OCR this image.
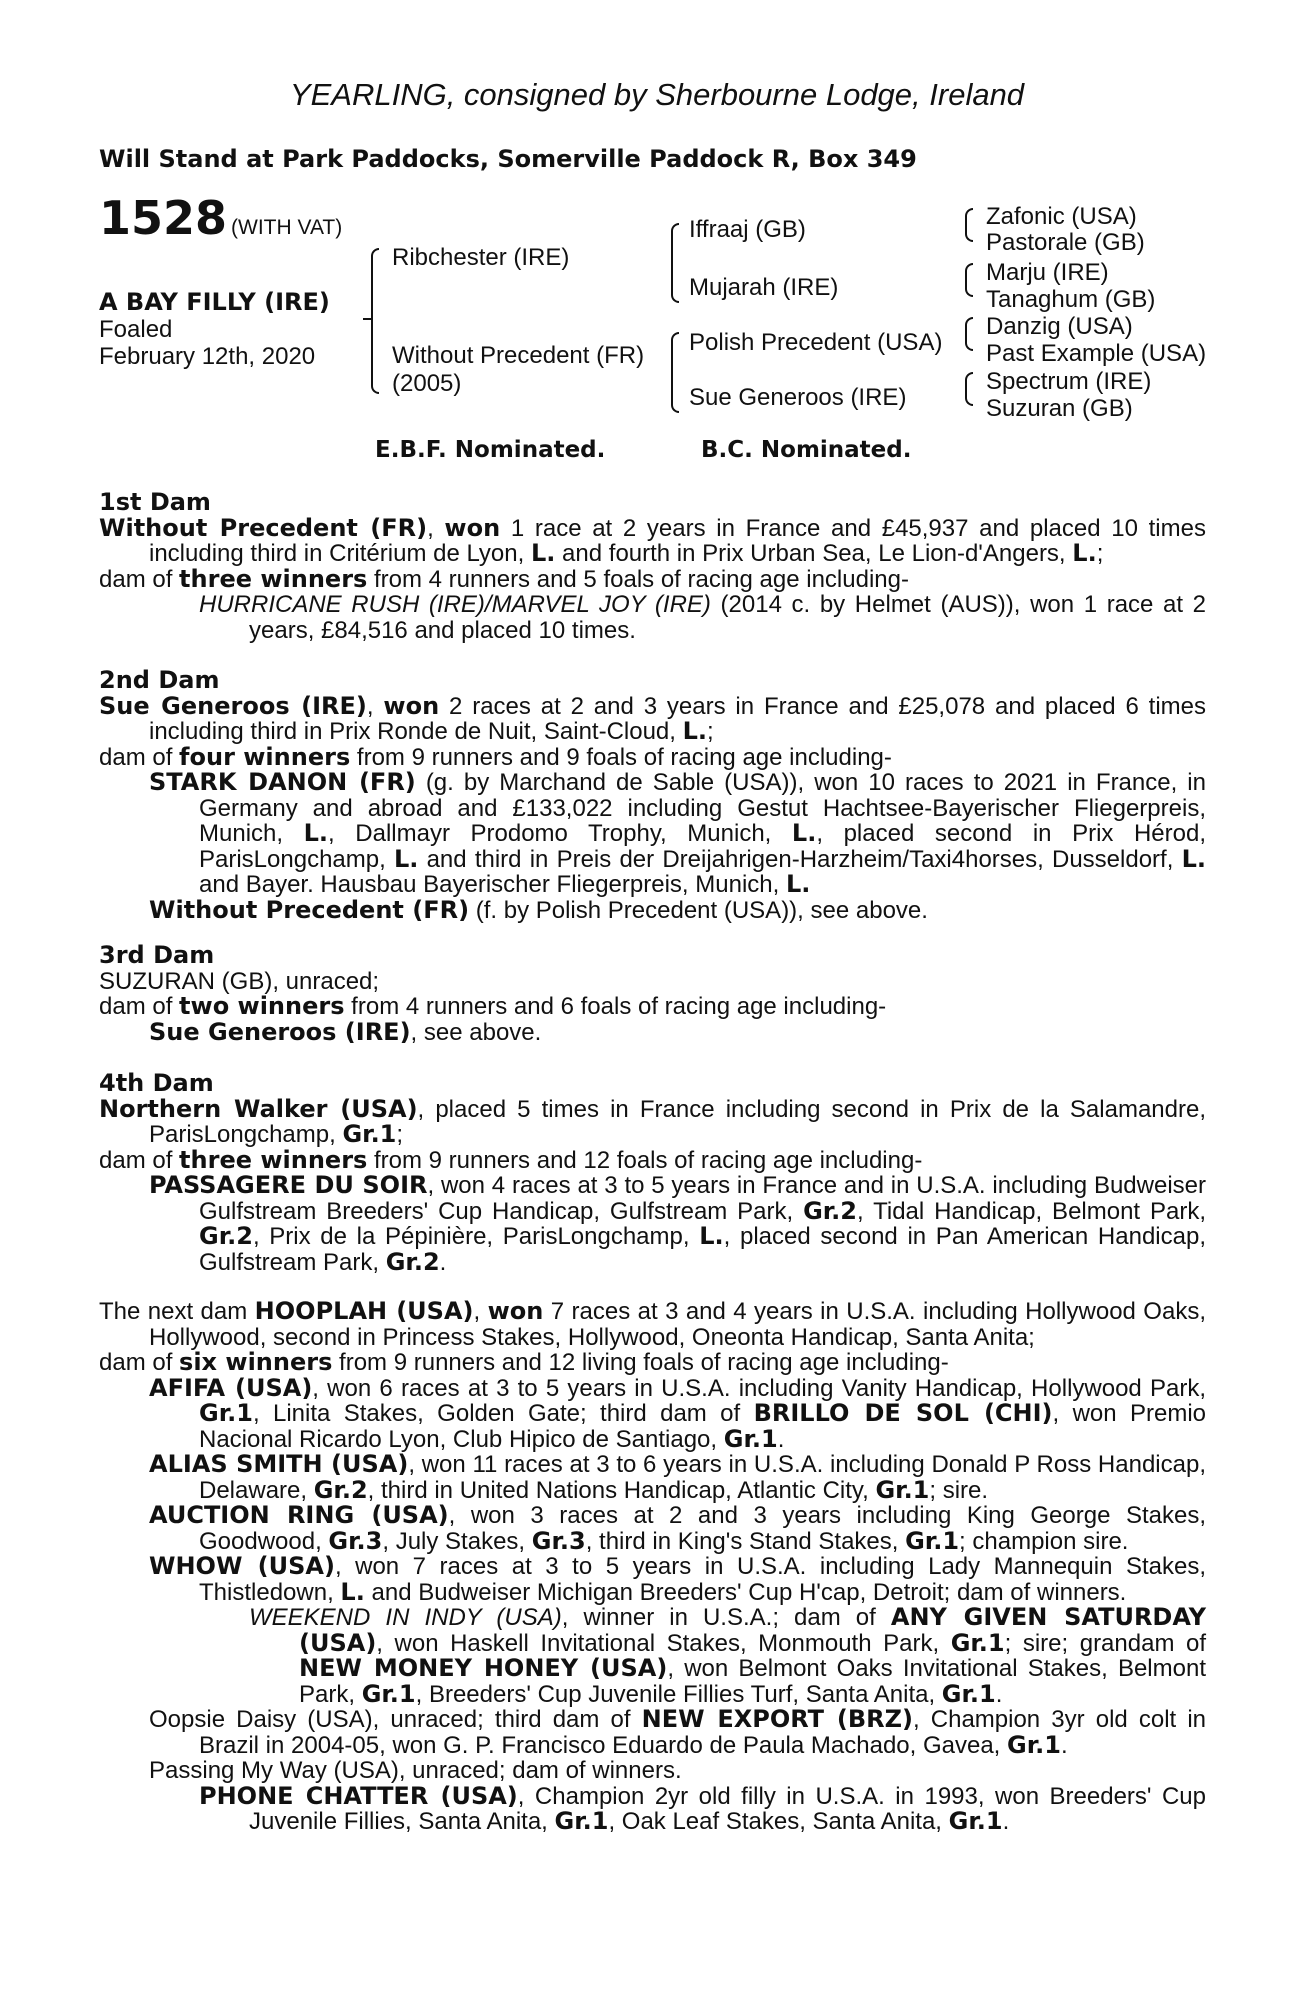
YEARLING, consigned by Sherbourne Lodge, Ireland
Will Stand at Park Paddocks, Somerville Paddock R, Box 349
1528 (WITH VAT)
A BAY FILLY (IRE)
Foaled
February 12th, 2020
Ribchester (IRE)
Without Precedent (FR)
(2005)
Iffraaj (GB)
Mujarah (IRE)
Polish Precedent (USA)
Sue Generoos (IRE)
Zafonic (USA)
Pastorale (GB)
Marju (IRE)
Tanaghum (GB)
Danzig (USA)
Past Example (USA)
Spectrum (IRE)
Suzuran (GB)
E.B.F. Nominated.	B.C. Nominated.
1st Dam
Without Precedent (FR), won 1 race at 2 years in France and £45,937 and placed 10 times including third in Critérium de Lyon, L. and fourth in Prix Urban Sea, Le Lion-d'Angers, L.;
dam of three winners from 4 runners and 5 foals of racing age including-
HURRICANE RUSH (IRE)/MARVEL JOY (IRE) (2014 c. by Helmet (AUS)), won 1 race at 2 years, £84,516 and placed 10 times.
2nd Dam
Sue Generoos (IRE), won 2 races at 2 and 3 years in France and £25,078 and placed 6 times including third in Prix Ronde de Nuit, Saint-Cloud, L.;
dam of four winners from 9 runners and 9 foals of racing age including-
STARK DANON (FR) (g. by Marchand de Sable (USA)), won 10 races to 2021 in France, in Germany and abroad and £133,022 including Gestut Hachtsee-Bayerischer Fliegerpreis, Munich, L., Dallmayr Prodomo Trophy, Munich, L., placed second in Prix Hérod, ParisLongchamp, L. and third in Preis der Dreijahrigen-Harzheim/Taxi4horses, Dusseldorf, L. and Bayer. Hausbau Bayerischer Fliegerpreis, Munich, L.
Without Precedent (FR) (f. by Polish Precedent (USA)), see above.
3rd Dam
SUZURAN (GB), unraced;
dam of two winners from 4 runners and 6 foals of racing age including-
Sue Generoos (IRE), see above.
4th Dam
Northern Walker (USA), placed 5 times in France including second in Prix de la Salamandre, ParisLongchamp, Gr.1;
dam of three winners from 9 runners and 12 foals of racing age including-
PASSAGERE DU SOIR, won 4 races at 3 to 5 years in France and in U.S.A. including Budweiser Gulfstream Breeders' Cup Handicap, Gulfstream Park, Gr.2, Tidal Handicap, Belmont Park, Gr.2, Prix de la Pépinière, ParisLongchamp, L., placed second in Pan American Handicap, Gulfstream Park, Gr.2.
The next dam HOOPLAH (USA), won 7 races at 3 and 4 years in U.S.A. including Hollywood Oaks, Hollywood, second in Princess Stakes, Hollywood, Oneonta Handicap, Santa Anita;
dam of six winners from 9 runners and 12 living foals of racing age including-
AFIFA (USA), won 6 races at 3 to 5 years in U.S.A. including Vanity Handicap, Hollywood Park, Gr.1, Linita Stakes, Golden Gate; third dam of BRILLO DE SOL (CHI), won Premio Nacional Ricardo Lyon, Club Hipico de Santiago, Gr.1.
ALIAS SMITH (USA), won 11 races at 3 to 6 years in U.S.A. including Donald P Ross Handicap, Delaware, Gr.2, third in United Nations Handicap, Atlantic City, Gr.1; sire.
AUCTION RING (USA), won 3 races at 2 and 3 years including King George Stakes, Goodwood, Gr.3, July Stakes, Gr.3, third in King's Stand Stakes, Gr.1; champion sire.
WHOW (USA), won 7 races at 3 to 5 years in U.S.A. including Lady Mannequin Stakes, Thistledown, L. and Budweiser Michigan Breeders' Cup H'cap, Detroit; dam of winners.
WEEKEND IN INDY (USA), winner in U.S.A.; dam of ANY GIVEN SATURDAY (USA), won Haskell Invitational Stakes, Monmouth Park, Gr.1; sire; grandam of NEW MONEY HONEY (USA), won Belmont Oaks Invitational Stakes, Belmont Park, Gr.1, Breeders' Cup Juvenile Fillies Turf, Santa Anita, Gr.1.
Oopsie Daisy (USA), unraced; third dam of NEW EXPORT (BRZ), Champion 3yr old colt in Brazil in 2004-05, won G. P. Francisco Eduardo de Paula Machado, Gavea, Gr.1.
Passing My Way (USA), unraced; dam of winners.
PHONE CHATTER (USA), Champion 2yr old filly in U.S.A. in 1993, won Breeders' Cup Juvenile Fillies, Santa Anita, Gr.1, Oak Leaf Stakes, Santa Anita, Gr.1.
